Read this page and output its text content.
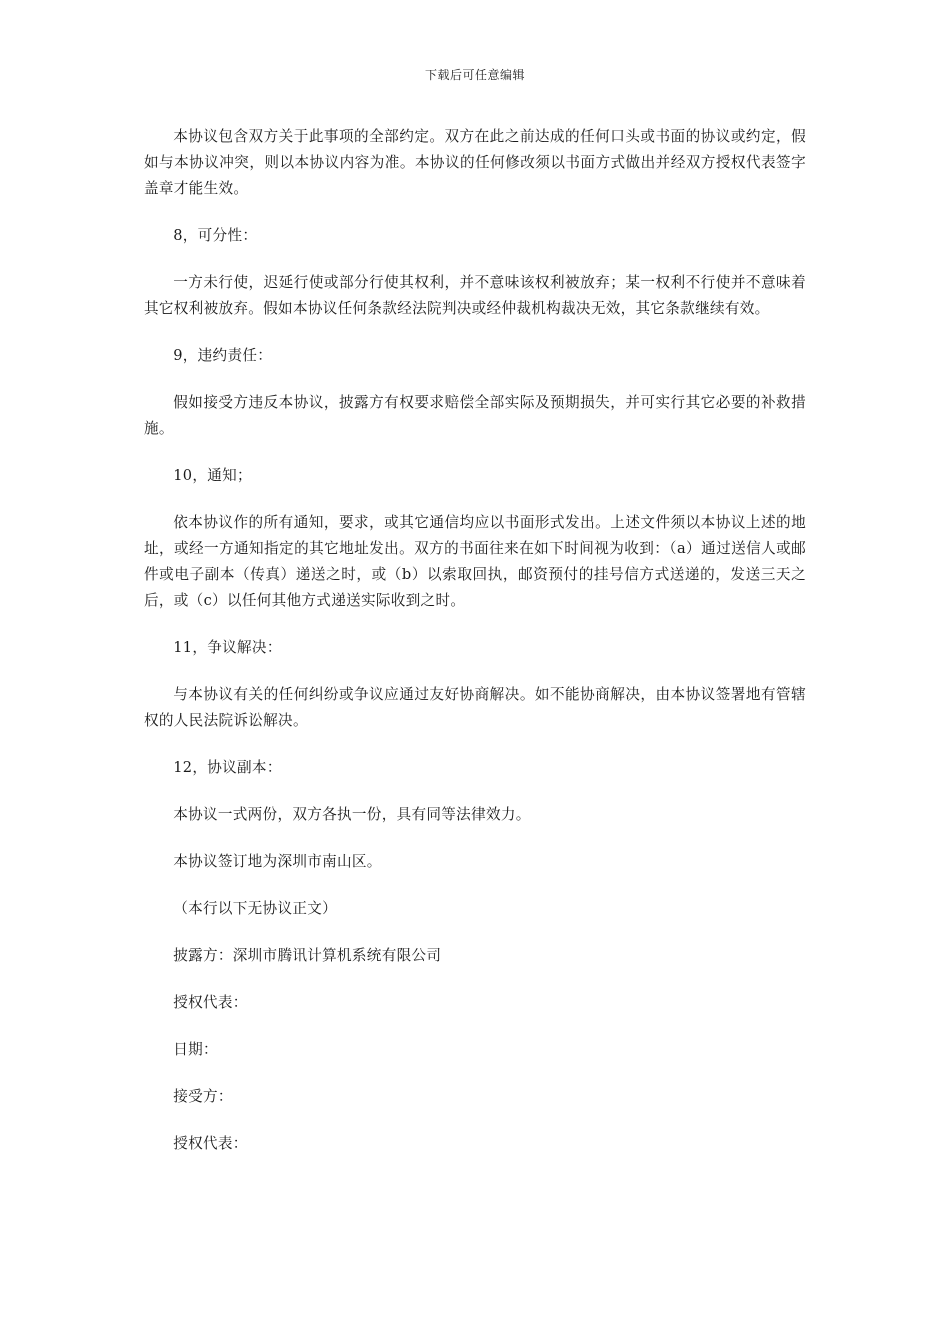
下载后可任意编辑

本协议包含双方关于此事项的全部约定。双方在此之前达成的任何口头或书面的协议或约定，假如与本协议冲突，则以本协议内容为准。本协议的任何修改须以书面方式做出并经双方授权代表签字盖章才能生效。

8，可分性：

一方未行使，迟延行使或部分行使其权利，并不意味该权利被放弃；某一权利不行使并不意味着其它权利被放弃。假如本协议任何条款经法院判决或经仲裁机构裁决无效，其它条款继续有效。

9，违约责任：

假如接受方违反本协议，披露方有权要求赔偿全部实际及预期损失，并可实行其它必要的补救措施。

10，通知；

依本协议作的所有通知，要求，或其它通信均应以书面形式发出。上述文件须以本协议上述的地址，或经一方通知指定的其它地址发出。双方的书面往来在如下时间视为收到：（a）通过送信人或邮件或电子副本（传真）递送之时，或（b）以索取回执，邮资预付的挂号信方式送递的，发送三天之后，或（c）以任何其他方式递送实际收到之时。

11，争议解决：

与本协议有关的任何纠纷或争议应通过友好协商解决。如不能协商解决，由本协议签署地有管辖权的人民法院诉讼解决。

12，协议副本：

本协议一式两份，双方各执一份，具有同等法律效力。

本协议签订地为深圳市南山区。

（本行以下无协议正文）

披露方：深圳市腾讯计算机系统有限公司

授权代表：

日期：

接受方：

授权代表：
